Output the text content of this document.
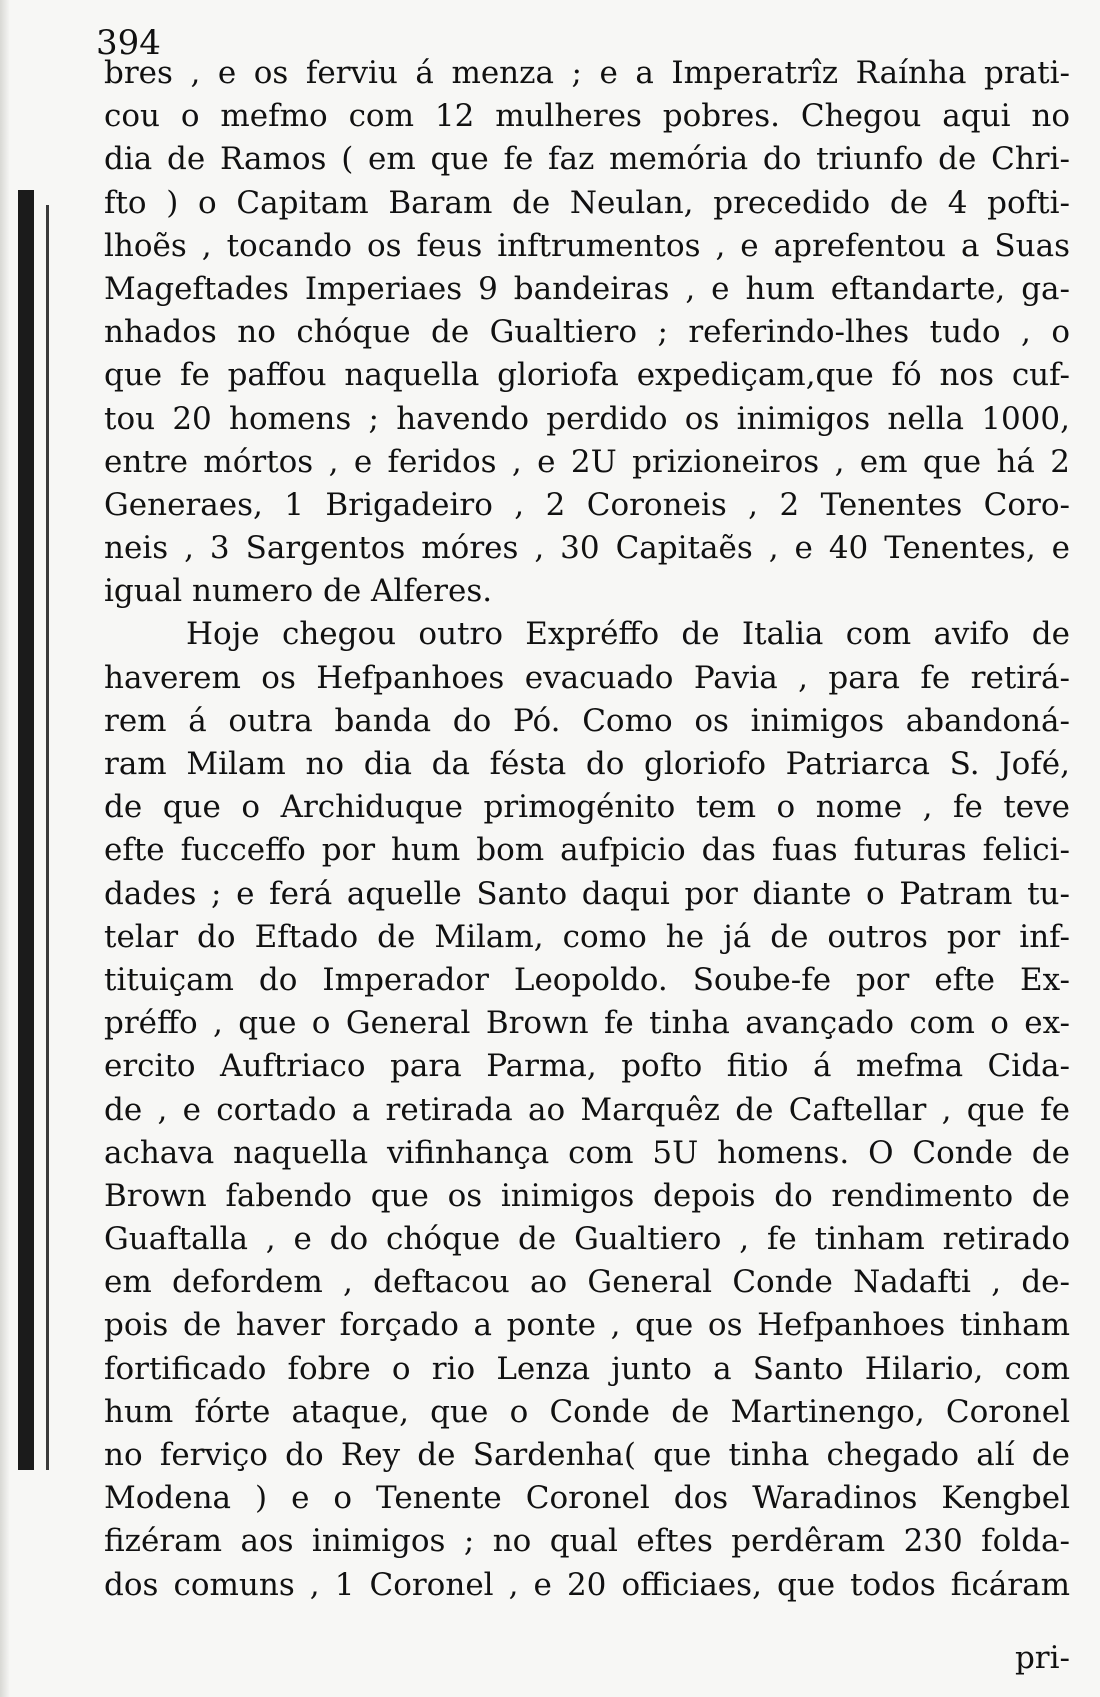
394
bres , e os ferviu á menza ; e a Imperatrîz Raínha prati-
cou o mefmo com 12 mulheres pobres. Chegou aqui no
dia de Ramos ( em que fe faz memória do triunfo de Chri-
fto ) o Capitam Baram de Neulan, precedido de 4 pofti-
lhoẽs , tocando os feus inftrumentos , e aprefentou a Suas
Mageftades Imperiaes 9 bandeiras , e hum eftandarte, ga-
nhados no chóque de Gualtiero ; referindo-lhes tudo , o
que fe paffou naquella gloriofa expediçam,que fó nos cuf-
tou 20 homens ; havendo perdido os inimigos nella 1000,
entre mórtos , e feridos , e 2U prizioneiros , em que há 2
Generaes, 1 Brigadeiro , 2 Coroneis , 2 Tenentes Coro-
neis , 3 Sargentos móres , 30 Capitaẽs , e 40 Tenentes, e
igual numero de Alferes.
Hoje chegou outro Expréffo de Italia com avifo de
haverem os Hefpanhoes evacuado Pavia , para fe retirá-
rem á outra banda do Pó. Como os inimigos abandoná-
ram Milam no dia da fésta do gloriofo Patriarca S. Jofé,
de que o Archiduque primogénito tem o nome , fe teve
efte fucceffo por hum bom aufpicio das fuas futuras felici-
dades ; e ferá aquelle Santo daqui por diante o Patram tu-
telar do Eftado de Milam, como he já de outros por inf-
tituiçam do Imperador Leopoldo. Soube-fe por efte Ex-
préffo , que o General Brown fe tinha avançado com o ex-
ercito Auftriaco para Parma, pofto fitio á mefma Cida-
de , e cortado a retirada ao Marquêz de Caftellar , que fe
achava naquella vifinhança com 5U homens. O Conde de
Brown fabendo que os inimigos depois do rendimento de
Guaftalla , e do chóque de Gualtiero , fe tinham retirado
em defordem , deftacou ao General Conde Nadafti , de-
pois de haver forçado a ponte , que os Hefpanhoes tinham
fortificado fobre o rio Lenza junto a Santo Hilario, com
hum fórte ataque, que o Conde de Martinengo, Coronel
no ferviço do Rey de Sardenha( que tinha chegado alí de
Modena ) e o Tenente Coronel dos Waradinos Kengbel
fizéram aos inimigos ; no qual eftes perdêram 230 folda-
dos comuns , 1 Coronel , e 20 officiaes, que todos ficáram
pri-
